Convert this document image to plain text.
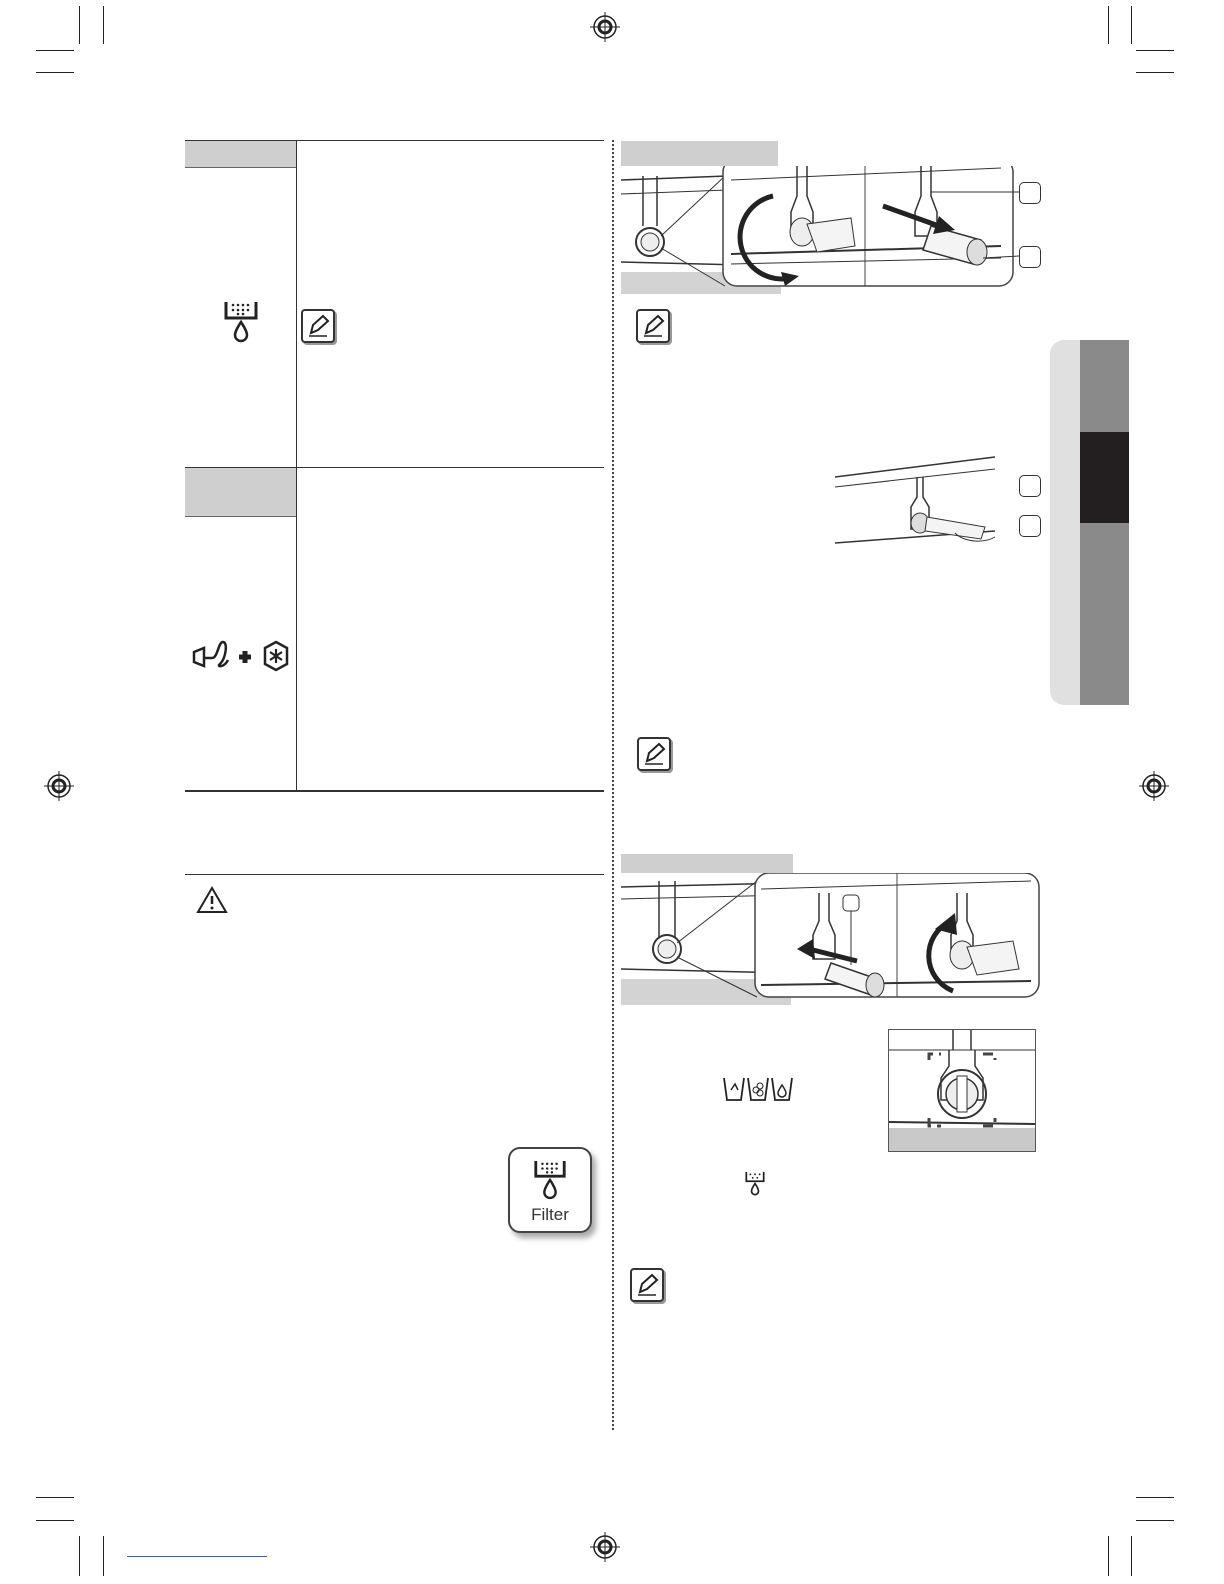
Filter
